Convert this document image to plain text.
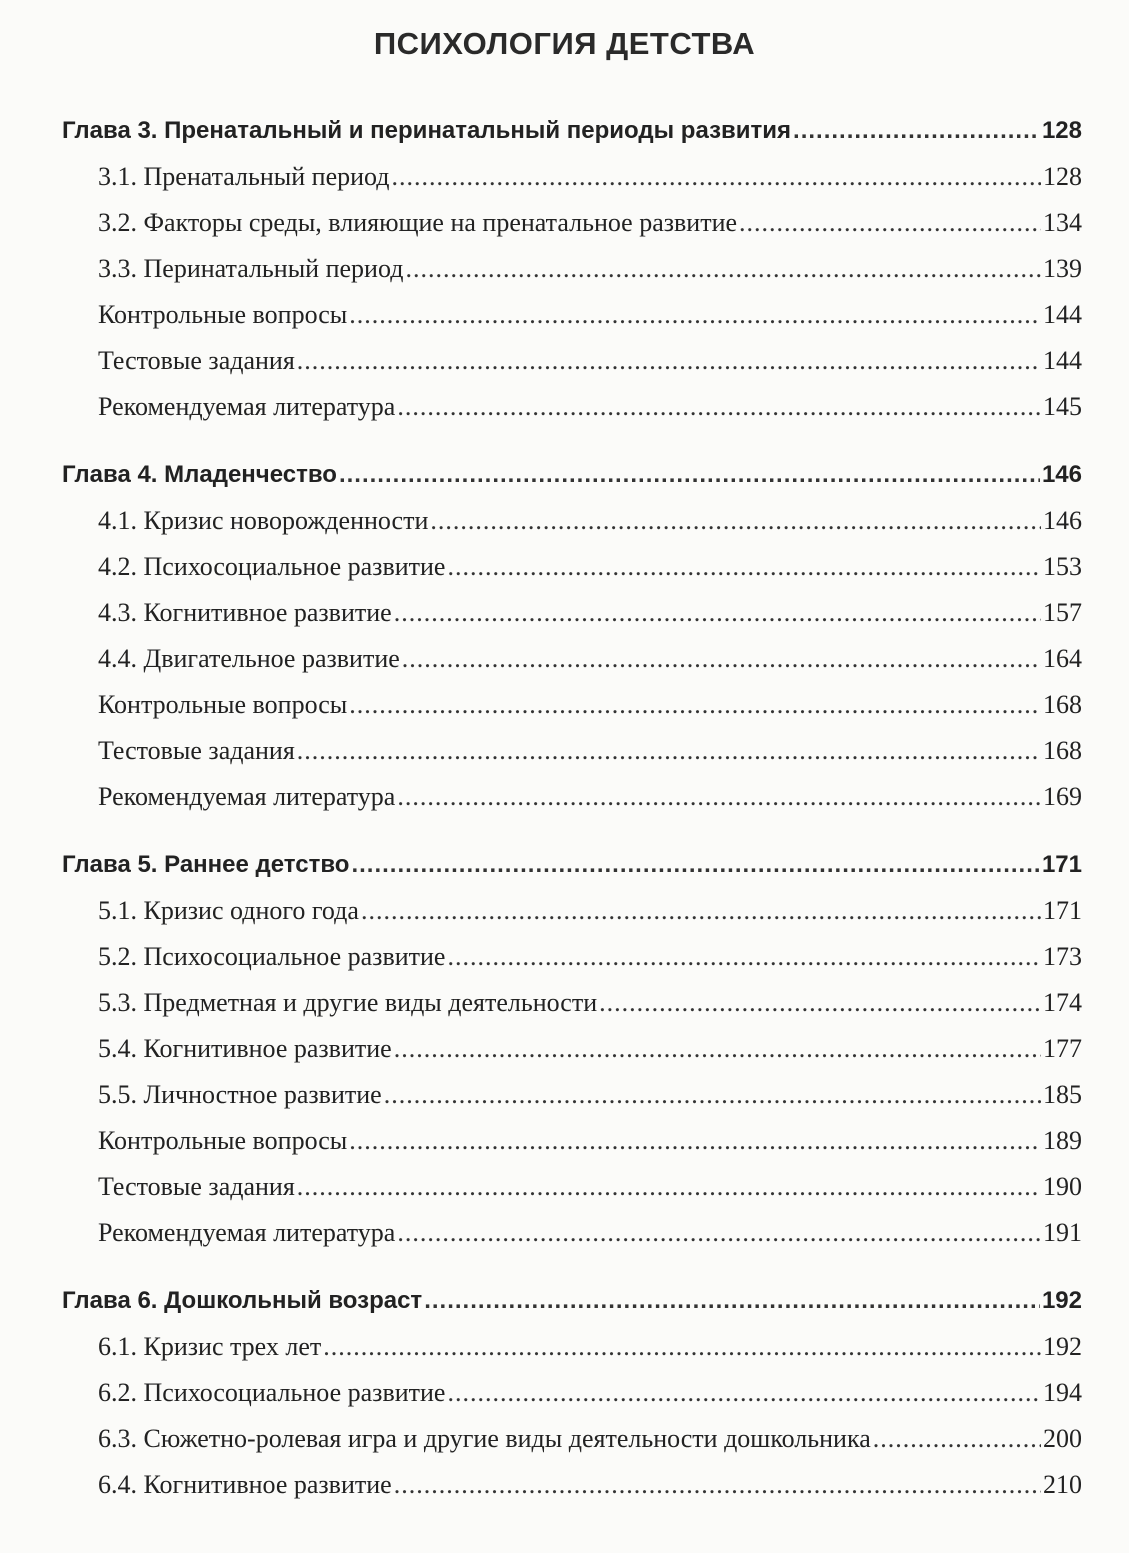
ПСИХОЛОГИЯ ДЕТСТВА
Глава 3. Пренатальный и перинатальный периоды развития .....	128
3.1. Пренатальный период .....	128
3.2. Факторы среды, влияющие на пренатальное развитие .....	134
3.3. Перинатальный период .....	139
Контрольные вопросы .....	144
Тестовые задания .....	144
Рекомендуемая литература .....	145
Глава 4. Младенчество .....	146
4.1. Кризис новорожденности .....	146
4.2. Психосоциальное развитие .....	153
4.3. Когнитивное развитие .....	157
4.4. Двигательное развитие .....	164
Контрольные вопросы .....	168
Тестовые задания .....	168
Рекомендуемая литература .....	169
Глава 5. Раннее детство .....	171
5.1. Кризис одного года .....	171
5.2. Психосоциальное развитие .....	173
5.3. Предметная и другие виды деятельности .....	174
5.4. Когнитивное развитие .....	177
5.5. Личностное развитие .....	185
Контрольные вопросы .....	189
Тестовые задания .....	190
Рекомендуемая литература .....	191
Глава 6. Дошкольный возраст .....	192
6.1. Кризис трех лет .....	192
6.2. Психосоциальное развитие .....	194
6.3. Сюжетно-ролевая игра и другие виды деятельности дошкольника .....	200
6.4. Когнитивное развитие .....	210
